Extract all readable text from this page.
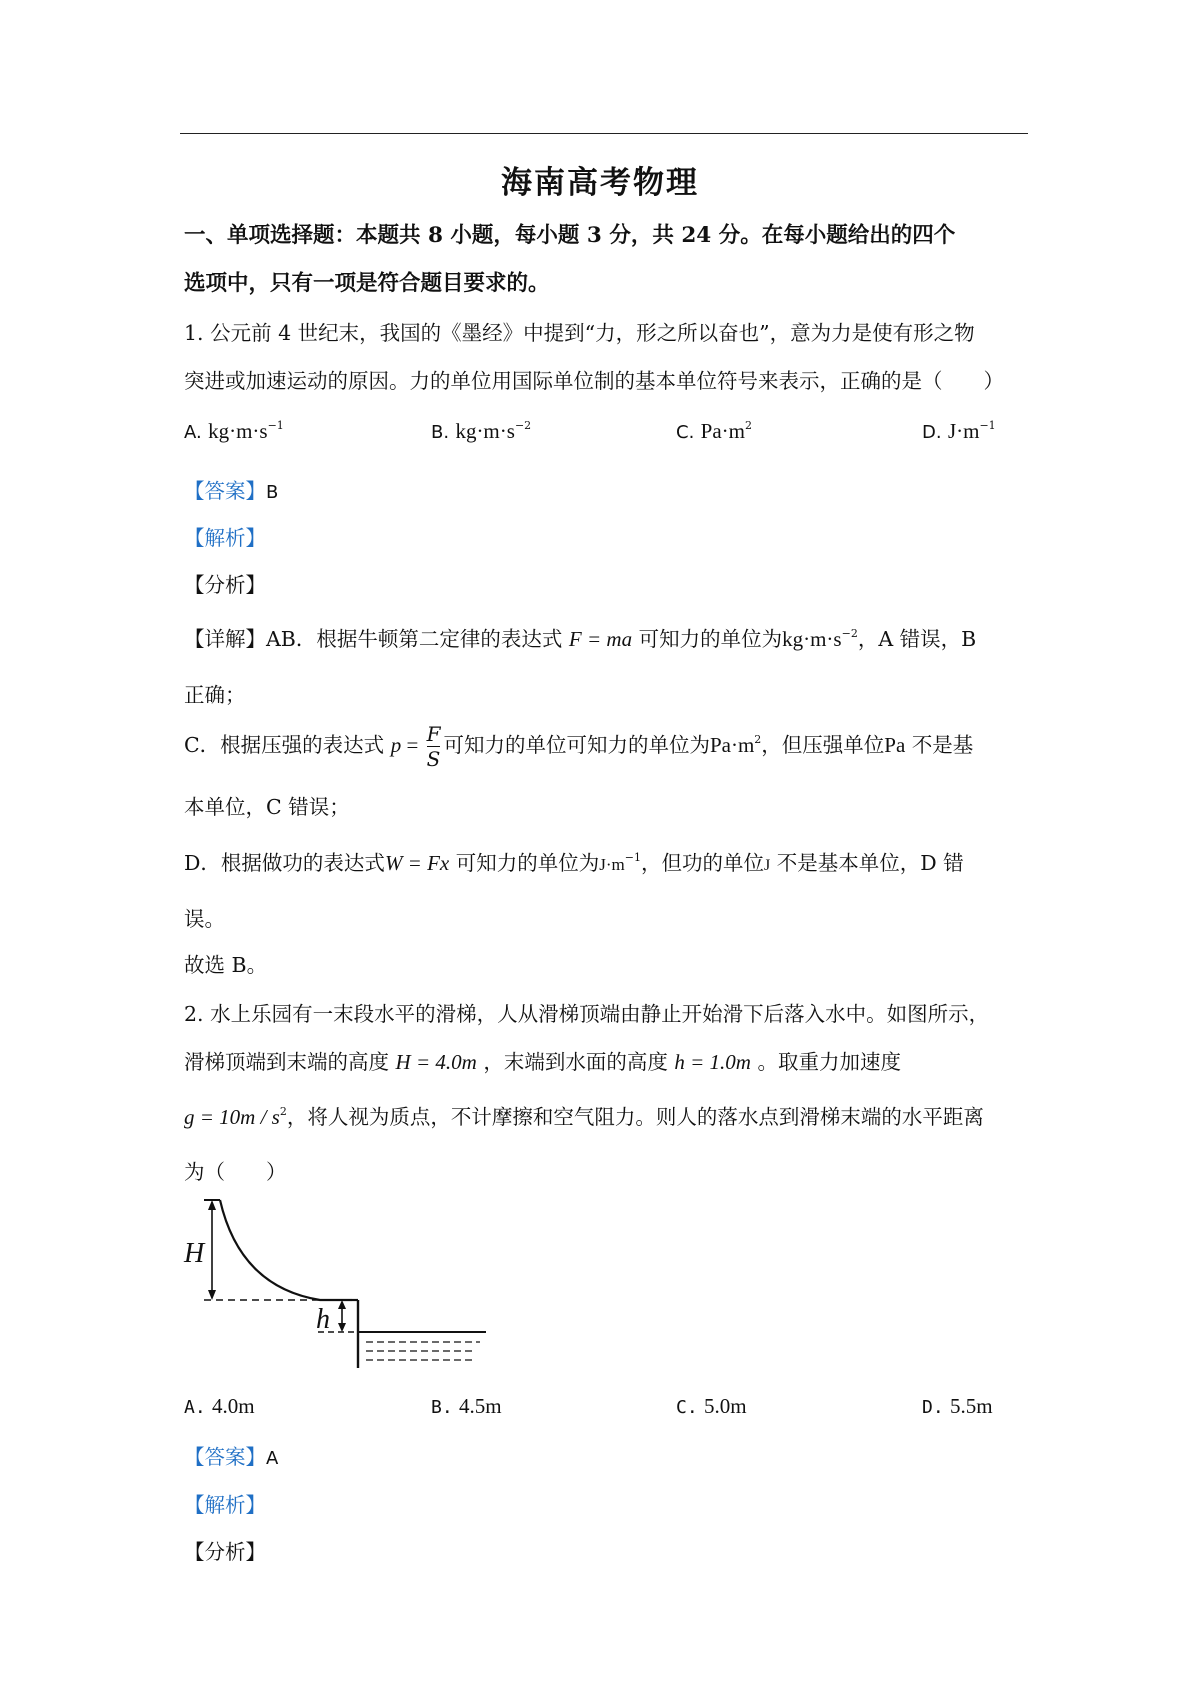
海南高考物理
一、单项选择题：本题共 8 小题，每小题 3 分，共 24 分。在每小题给出的四个
选项中，只有一项是符合题目要求的。
1. 公元前 4 世纪末，我国的《墨经》中提到“力，形之所以奋也”，意为力是使有形之物
突进或加速运动的原因。力的单位用国际单位制的基本单位符号来表示，正确的是（　　）
A. $kg\cdot m\cdot s^{-1}$	B. $kg\cdot m\cdot s^{-2}$	C. $Pa\cdot m^2$	D. $J\cdot m^{-1}$
【答案】B
【解析】
【分析】
【详解】AB．根据牛顿第二定律的表达式 F = ma 可知力的单位为$kg\cdot m\cdot s^{-2}$，A 错误，B
正确；
C．根据压强的表达式 $p = \frac{F}{S}$ 可知力的单位可知力的单位为$Pa\cdot m^2$，但压强单位Pa 不是基
本单位，C 错误；
D．根据做功的表达式W = Fx 可知力的单位为$J\cdot m^{-1}$，但功的单位J 不是基本单位，D 错
误。
故选 B。
2. 水上乐园有一末段水平的滑梯，人从滑梯顶端由静止开始滑下后落入水中。如图所示，
滑梯顶端到末端的高度 H = 4.0m ，末端到水面的高度 h = 1.0m 。取重力加速度
$g = 10m / s^2$，将人视为质点，不计摩擦和空气阻力。则人的落水点到滑梯末端的水平距离
为（　　）
H
h
A. 4.0m	B. 4.5m	C. 5.0m	D. 5.5m
【答案】A
【解析】
【分析】
